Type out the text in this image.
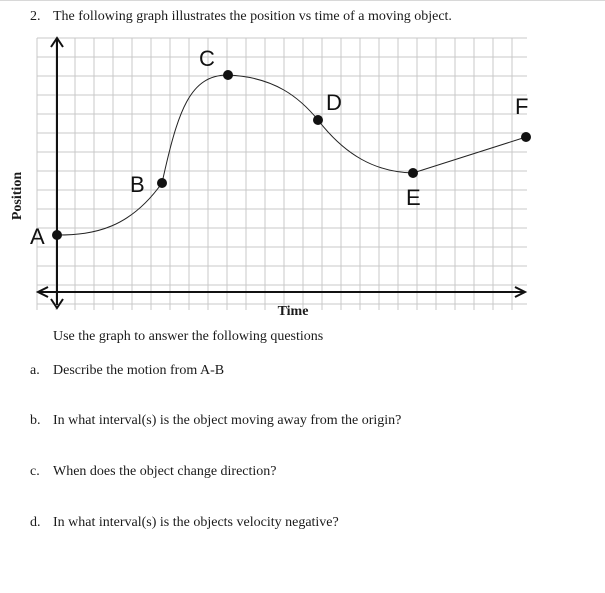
2. The following graph illustrates the position vs time of a moving object.
A
B
C
D
E
F
Position
Time
Use the graph to answer the following questions
a. Describe the motion from A-B
b. In what interval(s) is the object moving away from the origin?
c. When does the object change direction?
d. In what interval(s) is the objects velocity negative?
